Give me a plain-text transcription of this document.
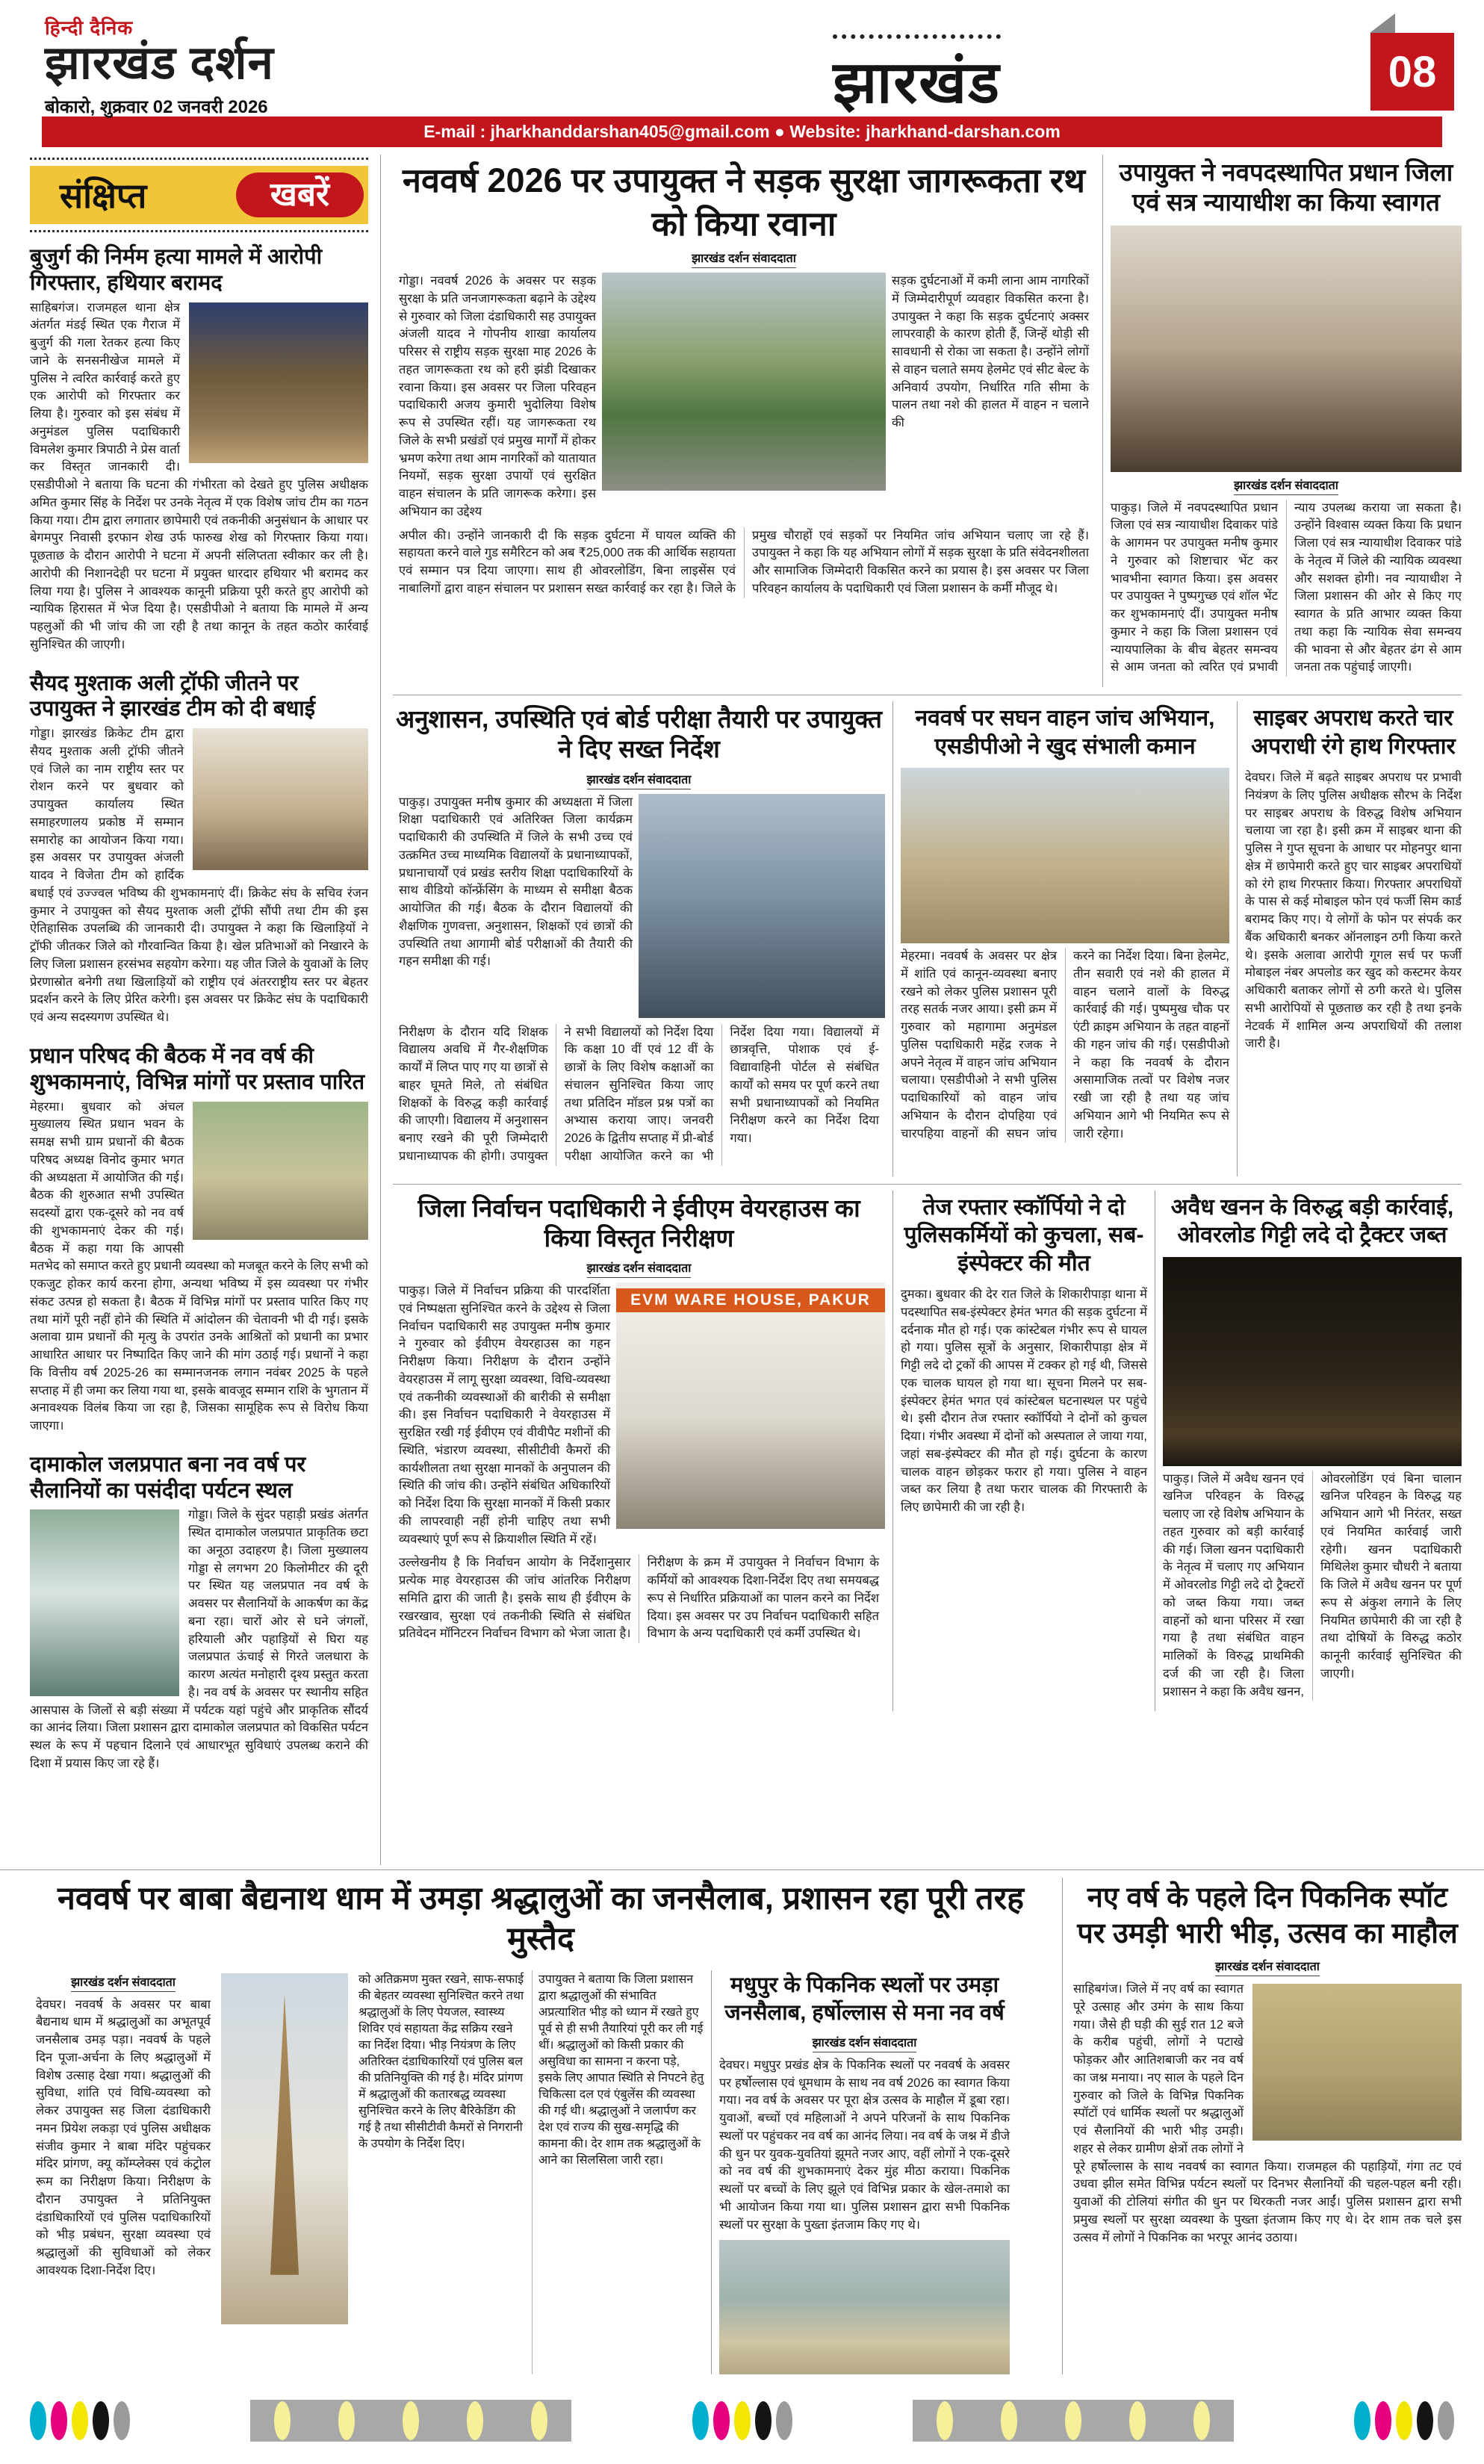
हिन्दी दैनिक
झारखंड दर्शन
बोकारो, शुक्रवार 02 जनवरी 2026	झारखंड	08
E-mail : jharkhanddarshan405@gmail.com ● Website: jharkhand-darshan.com
संक्षिप्त	खबरें
बुजुर्ग की निर्मम हत्या मामले में आरोपी गिरफ्तार, हथियार बरामद
साहिबगंज। राजमहल थाना क्षेत्र अंतर्गत मंडई स्थित एक गैराज में बुजुर्ग की गला रेतकर हत्या किए जाने के सनसनीखेज मामले में पुलिस ने त्वरित कार्रवाई करते हुए एक आरोपी को गिरफ्तार कर लिया है। गुरुवार को इस संबंध में अनुमंडल पुलिस पदाधिकारी विमलेश कुमार त्रिपाठी ने प्रेस वार्ता कर विस्तृत जानकारी दी। एसडीपीओ ने बताया कि घटना की गंभीरता को देखते हुए पुलिस अधीक्षक अमित कुमार सिंह के निर्देश पर उनके नेतृत्व में एक विशेष जांच टीम का गठन किया गया। टीम द्वारा लगातार छापेमारी एवं तकनीकी अनुसंधान के आधार पर बेगमपुर निवासी इरफान शेख उर्फ फारुख शेख को गिरफ्तार किया गया। पूछताछ के दौरान आरोपी ने घटना में अपनी संलिप्तता स्वीकार कर ली है। आरोपी की निशानदेही पर घटना में प्रयुक्त धारदार हथियार भी बरामद कर लिया गया है। पुलिस ने आवश्यक कानूनी प्रक्रिया पूरी करते हुए आरोपी को न्यायिक हिरासत में भेज दिया है। एसडीपीओ ने बताया कि मामले में अन्य पहलुओं की भी जांच की जा रही है तथा कानून के तहत कठोर कार्रवाई सुनिश्चित की जाएगी।
सैयद मुश्ताक अली ट्रॉफी जीतने पर उपायुक्त ने झारखंड टीम को दी बधाई
गोड्डा। झारखंड क्रिकेट टीम द्वारा सैयद मुश्ताक अली ट्रॉफी जीतने एवं जिले का नाम राष्ट्रीय स्तर पर रोशन करने पर बुधवार को उपायुक्त कार्यालय स्थित समाहरणालय प्रकोष्ठ में सम्मान समारोह का आयोजन किया गया। इस अवसर पर उपायुक्त अंजली यादव ने विजेता टीम को हार्दिक बधाई एवं उज्ज्वल भविष्य की शुभकामनाएं दीं। क्रिकेट संघ के सचिव रंजन कुमार ने उपायुक्त को सैयद मुश्ताक अली ट्रॉफी सौंपी तथा टीम की इस ऐतिहासिक उपलब्धि की जानकारी दी। उपायुक्त ने कहा कि खिलाड़ियों ने ट्रॉफी जीतकर जिले को गौरवान्वित किया है। खेल प्रतिभाओं को निखारने के लिए जिला प्रशासन हरसंभव सहयोग करेगा। यह जीत जिले के युवाओं के लिए प्रेरणास्रोत बनेगी तथा खिलाड़ियों को राष्ट्रीय एवं अंतरराष्ट्रीय स्तर पर बेहतर प्रदर्शन करने के लिए प्रेरित करेगी। इस अवसर पर क्रिकेट संघ के पदाधिकारी एवं अन्य सदस्यगण उपस्थित थे।
प्रधान परिषद की बैठक में नव वर्ष की शुभकामनाएं, विभिन्न मांगों पर प्रस्ताव पारित
मेहरमा। बुधवार को अंचल मुख्यालय स्थित प्रधान भवन के समक्ष सभी ग्राम प्रधानों की बैठक परिषद अध्यक्ष विनोद कुमार भगत की अध्यक्षता में आयोजित की गई। बैठक की शुरुआत सभी उपस्थित सदस्यों द्वारा एक-दूसरे को नव वर्ष की शुभकामनाएं देकर की गई। बैठक में कहा गया कि आपसी मतभेद को समाप्त करते हुए प्रधानी व्यवस्था को मजबूत करने के लिए सभी को एकजुट होकर कार्य करना होगा, अन्यथा भविष्य में इस व्यवस्था पर गंभीर संकट उत्पन्न हो सकता है। बैठक में विभिन्न मांगों पर प्रस्ताव पारित किए गए तथा मांगें पूरी नहीं होने की स्थिति में आंदोलन की चेतावनी भी दी गई। इसके अलावा ग्राम प्रधानों की मृत्यु के उपरांत उनके आश्रितों को प्रधानी का प्रभार आधारित आधार पर निष्पादित किए जाने की मांग उठाई गई। प्रधानों ने कहा कि वित्तीय वर्ष 2025-26 का सम्मानजनक लगान नवंबर 2025 के पहले सप्ताह में ही जमा कर लिया गया था, इसके बावजूद सम्मान राशि के भुगतान में अनावश्यक विलंब किया जा रहा है, जिसका सामूहिक रूप से विरोध किया जाएगा।
दामाकोल जलप्रपात बना नव वर्ष पर सैलानियों का पसंदीदा पर्यटन स्थल
गोड्डा। जिले के सुंदर पहाड़ी प्रखंड अंतर्गत स्थित दामाकोल जलप्रपात प्राकृतिक छटा का अनूठा उदाहरण है। जिला मुख्यालय गोड्डा से लगभग 20 किलोमीटर की दूरी पर स्थित यह जलप्रपात नव वर्ष के अवसर पर सैलानियों के आकर्षण का केंद्र बना रहा। चारों ओर से घने जंगलों, हरियाली और पहाड़ियों से घिरा यह जलप्रपात ऊंचाई से गिरते जलधारा के कारण अत्यंत मनोहारी दृश्य प्रस्तुत करता है। नव वर्ष के अवसर पर स्थानीय सहित आसपास के जिलों से बड़ी संख्या में पर्यटक यहां पहुंचे और प्राकृतिक सौंदर्य का आनंद लिया। जिला प्रशासन द्वारा दामाकोल जलप्रपात को विकसित पर्यटन स्थल के रूप में पहचान दिलाने एवं आधारभूत सुविधाएं उपलब्ध कराने की दिशा में प्रयास किए जा रहे हैं।
नववर्ष 2026 पर उपायुक्त ने सड़क सुरक्षा जागरूकता रथ को किया रवाना
झारखंड दर्शन संवाददाता
गोड्डा। नववर्ष 2026 के अवसर पर सड़क सुरक्षा के प्रति जनजागरूकता बढ़ाने के उद्देश्य से गुरुवार को जिला दंडाधिकारी सह उपायुक्त अंजली यादव ने गोपनीय शाखा कार्यालय परिसर से राष्ट्रीय सड़क सुरक्षा माह 2026 के तहत जागरूकता रथ को हरी झंडी दिखाकर रवाना किया। इस अवसर पर जिला परिवहन पदाधिकारी अजय कुमारी भुदोलिया विशेष रूप से उपस्थित रहीं। यह जागरूकता रथ जिले के सभी प्रखंडों एवं प्रमुख मार्गों में होकर भ्रमण करेगा तथा आम नागरिकों को यातायात नियमों, सड़क सुरक्षा उपायों एवं सुरक्षित वाहन संचालन के प्रति जागरूक करेगा। इस अभियान का उद्देश्य
सड़क दुर्घटनाओं में कमी लाना आम नागरिकों में जिम्मेदारीपूर्ण व्यवहार विकसित करना है। उपायुक्त ने कहा कि सड़क दुर्घटनाएं अक्सर लापरवाही के कारण होती हैं, जिन्हें थोड़ी सी सावधानी से रोका जा सकता है। उन्होंने लोगों से वाहन चलाते समय हेलमेट एवं सीट बेल्ट के अनिवार्य उपयोग, निर्धारित गति सीमा के पालन तथा नशे की हालत में वाहन न चलाने की
अपील की। उन्होंने जानकारी दी कि सड़क दुर्घटना में घायल व्यक्ति की सहायता करने वाले गुड समैरिटन को अब ₹25,000 तक की आर्थिक सहायता एवं सम्मान पत्र दिया जाएगा। साथ ही ओवरलोडिंग, बिना लाइसेंस एवं नाबालिगों द्वारा वाहन संचालन पर प्रशासन सख्त कार्रवाई कर रहा है। जिले के प्रमुख चौराहों एवं सड़कों पर नियमित जांच अभियान चलाए जा रहे हैं। उपायुक्त ने कहा कि यह अभियान लोगों में सड़क सुरक्षा के प्रति संवेदनशीलता और सामाजिक जिम्मेदारी विकसित करने का प्रयास है। इस अवसर पर जिला परिवहन कार्यालय के पदाधिकारी एवं जिला प्रशासन के कर्मी मौजूद थे।
उपायुक्त ने नवपदस्थापित प्रधान जिला एवं सत्र न्यायाधीश का किया स्वागत
झारखंड दर्शन संवाददाता
पाकुड़। जिले में नवपदस्थापित प्रधान जिला एवं सत्र न्यायाधीश दिवाकर पांडे के आगमन पर उपायुक्त मनीष कुमार ने गुरुवार को शिष्टाचार भेंट कर भावभीना स्वागत किया। इस अवसर पर उपायुक्त ने पुष्पगुच्छ एवं शॉल भेंट कर शुभकामनाएं दीं। उपायुक्त मनीष कुमार ने कहा कि जिला प्रशासन एवं न्यायपालिका के बीच बेहतर समन्वय से आम जनता को त्वरित एवं प्रभावी न्याय उपलब्ध कराया जा सकता है। उन्होंने विश्वास व्यक्त किया कि प्रधान जिला एवं सत्र न्यायाधीश दिवाकर पांडे के नेतृत्व में जिले की न्यायिक व्यवस्था और सशक्त होगी। नव न्यायाधीश ने जिला प्रशासन की ओर से किए गए स्वागत के प्रति आभार व्यक्त किया तथा कहा कि न्यायिक सेवा समन्वय की भावना से और बेहतर ढंग से आम जनता तक पहुंचाई जाएगी।
अनुशासन, उपस्थिति एवं बोर्ड परीक्षा तैयारी पर उपायुक्त ने दिए सख्त निर्देश
झारखंड दर्शन संवाददाता
पाकुड़। उपायुक्त मनीष कुमार की अध्यक्षता में जिला शिक्षा पदाधिकारी एवं अतिरिक्त जिला कार्यक्रम पदाधिकारी की उपस्थिति में जिले के सभी उच्च एवं उत्क्रमित उच्च माध्यमिक विद्यालयों के प्रधानाध्यापकों, प्रधानाचार्यों एवं प्रखंड स्तरीय शिक्षा पदाधिकारियों के साथ वीडियो कॉन्फ्रेंसिंग के माध्यम से समीक्षा बैठक आयोजित की गई। बैठक के दौरान विद्यालयों की शैक्षणिक गुणवत्ता, अनुशासन, शिक्षकों एवं छात्रों की उपस्थिति तथा आगामी बोर्ड परीक्षाओं की तैयारी की गहन समीक्षा की गई।
निरीक्षण के दौरान यदि शिक्षक विद्यालय अवधि में गैर-शैक्षणिक कार्यों में लिप्त पाए गए या छात्रों से बाहर घूमते मिले, तो संबंधित शिक्षकों के विरुद्ध कड़ी कार्रवाई की जाएगी। विद्यालय में अनुशासन बनाए रखने की पूरी जिम्मेदारी प्रधानाध्यापक की होगी। उपायुक्त ने सभी विद्यालयों को निर्देश दिया कि कक्षा 10 वीं एवं 12 वीं के छात्रों के लिए विशेष कक्षाओं का संचालन सुनिश्चित किया जाए तथा प्रतिदिन मॉडल प्रश्न पत्रों का अभ्यास कराया जाए। जनवरी 2026 के द्वितीय सप्ताह में प्री-बोर्ड परीक्षा आयोजित करने का भी निर्देश दिया गया। विद्यालयों में छात्रवृत्ति, पोशाक एवं ई-विद्यावाहिनी पोर्टल से संबंधित कार्यों को समय पर पूर्ण करने तथा सभी प्रधानाध्यापकों को नियमित निरीक्षण करने का निर्देश दिया गया।
नववर्ष पर सघन वाहन जांच अभियान, एसडीपीओ ने खुद संभाली कमान
मेहरमा। नववर्ष के अवसर पर क्षेत्र में शांति एवं कानून-व्यवस्था बनाए रखने को लेकर पुलिस प्रशासन पूरी तरह सतर्क नजर आया। इसी क्रम में गुरुवार को महागामा अनुमंडल पुलिस पदाधिकारी महेंद्र रजक ने अपने नेतृत्व में वाहन जांच अभियान चलाया। एसडीपीओ ने सभी पुलिस पदाधिकारियों को वाहन जांच अभियान के दौरान दोपहिया एवं चारपहिया वाहनों की सघन जांच करने का निर्देश दिया। बिना हेलमेट, तीन सवारी एवं नशे की हालत में वाहन चलाने वालों के विरुद्ध कार्रवाई की गई। पुष्पमुख चौक पर एंटी क्राइम अभियान के तहत वाहनों की गहन जांच की गई। एसडीपीओ ने कहा कि नववर्ष के दौरान असामाजिक तत्वों पर विशेष नजर रखी जा रही है तथा यह जांच अभियान आगे भी नियमित रूप से जारी रहेगा।
साइबर अपराध करते चार अपराधी रंगे हाथ गिरफ्तार
देवघर। जिले में बढ़ते साइबर अपराध पर प्रभावी नियंत्रण के लिए पुलिस अधीक्षक सौरभ के निर्देश पर साइबर अपराध के विरुद्ध विशेष अभियान चलाया जा रहा है। इसी क्रम में साइबर थाना की पुलिस ने गुप्त सूचना के आधार पर मोहनपुर थाना क्षेत्र में छापेमारी करते हुए चार साइबर अपराधियों को रंगे हाथ गिरफ्तार किया। गिरफ्तार अपराधियों के पास से कई मोबाइल फोन एवं फर्जी सिम कार्ड बरामद किए गए। ये लोगों के फोन पर संपर्क कर बैंक अधिकारी बनकर ऑनलाइन ठगी किया करते थे। इसके अलावा आरोपी गूगल सर्च पर फर्जी मोबाइल नंबर अपलोड कर खुद को कस्टमर केयर अधिकारी बताकर लोगों से ठगी करते थे। पुलिस सभी आरोपियों से पूछताछ कर रही है तथा इनके नेटवर्क में शामिल अन्य अपराधियों की तलाश जारी है।
जिला निर्वाचन पदाधिकारी ने ईवीएम वेयरहाउस का किया विस्तृत निरीक्षण
झारखंड दर्शन संवाददाता
पाकुड़। जिले में निर्वाचन प्रक्रिया की पारदर्शिता एवं निष्पक्षता सुनिश्चित करने के उद्देश्य से जिला निर्वाचन पदाधिकारी सह उपायुक्त मनीष कुमार ने गुरुवार को ईवीएम वेयरहाउस का गहन निरीक्षण किया। निरीक्षण के दौरान उन्होंने वेयरहाउस में लागू सुरक्षा व्यवस्था, विधि-व्यवस्था एवं तकनीकी व्यवस्थाओं की बारीकी से समीक्षा की। इस निर्वाचन पदाधिकारी ने वेयरहाउस में सुरक्षित रखी गई ईवीएम एवं वीवीपैट मशीनों की स्थिति, भंडारण व्यवस्था, सीसीटीवी कैमरों की कार्यशीलता तथा सुरक्षा मानकों के अनुपालन की स्थिति की जांच की। उन्होंने संबंधित अधिकारियों को निर्देश दिया कि सुरक्षा मानकों में किसी प्रकार की लापरवाही नहीं होनी चाहिए तथा सभी व्यवस्थाएं पूर्ण रूप से क्रियाशील स्थिति में रहें।
EVM WARE HOUSE, PAKUR
उल्लेखनीय है कि निर्वाचन आयोग के निर्देशानुसार प्रत्येक माह वेयरहाउस की जांच आंतरिक निरीक्षण समिति द्वारा की जाती है। इसके साथ ही ईवीएम के रखरखाव, सुरक्षा एवं तकनीकी स्थिति से संबंधित प्रतिवेदन मॉनिटरन निर्वाचन विभाग को भेजा जाता है। निरीक्षण के क्रम में उपायुक्त ने निर्वाचन विभाग के कर्मियों को आवश्यक दिशा-निर्देश दिए तथा समयबद्ध रूप से निर्धारित प्रक्रियाओं का पालन करने का निर्देश दिया। इस अवसर पर उप निर्वाचन पदाधिकारी सहित विभाग के अन्य पदाधिकारी एवं कर्मी उपस्थित थे।
तेज रफ्तार स्कॉर्पियो ने दो पुलिसकर्मियों को कुचला, सब-इंस्पेक्टर की मौत
दुमका। बुधवार की देर रात जिले के शिकारीपाड़ा थाना में पदस्थापित सब-इंस्पेक्टर हेमंत भगत की सड़क दुर्घटना में दर्दनाक मौत हो गई। एक कांस्टेबल गंभीर रूप से घायल हो गया। पुलिस सूत्रों के अनुसार, शिकारीपाड़ा क्षेत्र में गिट्टी लदे दो ट्रकों की आपस में टक्कर हो गई थी, जिससे एक चालक घायल हो गया था। सूचना मिलने पर सब-इंस्पेक्टर हेमंत भगत एवं कांस्टेबल घटनास्थल पर पहुंचे थे। इसी दौरान तेज रफ्तार स्कॉर्पियो ने दोनों को कुचल दिया। गंभीर अवस्था में दोनों को अस्पताल ले जाया गया, जहां सब-इंस्पेक्टर की मौत हो गई। दुर्घटना के कारण चालक वाहन छोड़कर फरार हो गया। पुलिस ने वाहन जब्त कर लिया है तथा फरार चालक की गिरफ्तारी के लिए छापेमारी की जा रही है।
अवैध खनन के विरुद्ध बड़ी कार्रवाई, ओवरलोड गिट्टी लदे दो ट्रैक्टर जब्त
पाकुड़। जिले में अवैध खनन एवं खनिज परिवहन के विरुद्ध चलाए जा रहे विशेष अभियान के तहत गुरुवार को बड़ी कार्रवाई की गई। जिला खनन पदाधिकारी के नेतृत्व में चलाए गए अभियान में ओवरलोड गिट्टी लदे दो ट्रैक्टरों को जब्त किया गया। जब्त वाहनों को थाना परिसर में रखा गया है तथा संबंधित वाहन मालिकों के विरुद्ध प्राथमिकी दर्ज की जा रही है। जिला प्रशासन ने कहा कि अवैध खनन, ओवरलोडिंग एवं बिना चालान खनिज परिवहन के विरुद्ध यह अभियान आगे भी निरंतर, सख्त एवं नियमित कार्रवाई जारी रहेगी। खनन पदाधिकारी मिथिलेश कुमार चौधरी ने बताया कि जिले में अवैध खनन पर पूर्ण रूप से अंकुश लगाने के लिए नियमित छापेमारी की जा रही है तथा दोषियों के विरुद्ध कठोर कानूनी कार्रवाई सुनिश्चित की जाएगी।
नववर्ष पर बाबा बैद्यनाथ धाम में उमड़ा श्रद्धालुओं का जनसैलाब, प्रशासन रहा पूरी तरह मुस्तैद
झारखंड दर्शन संवाददाता
देवघर। नववर्ष के अवसर पर बाबा बैद्यनाथ धाम में श्रद्धालुओं का अभूतपूर्व जनसैलाब उमड़ पड़ा। नववर्ष के पहले दिन पूजा-अर्चना के लिए श्रद्धालुओं में विशेष उत्साह देखा गया। श्रद्धालुओं की सुविधा, शांति एवं विधि-व्यवस्था को लेकर उपायुक्त सह जिला दंडाधिकारी नमन प्रियेश लकड़ा एवं पुलिस अधीक्षक संजीव कुमार ने बाबा मंदिर पहुंचकर मंदिर प्रांगण, क्यू कॉम्प्लेक्स एवं कंट्रोल रूम का निरीक्षण किया। निरीक्षण के दौरान उपायुक्त ने प्रतिनियुक्त दंडाधिकारियों एवं पुलिस पदाधिकारियों को भीड़ प्रबंधन, सुरक्षा व्यवस्था एवं श्रद्धालुओं की सुविधाओं को लेकर आवश्यक दिशा-निर्देश दिए।
को अतिक्रमण मुक्त रखने, साफ-सफाई की बेहतर व्यवस्था सुनिश्चित करने तथा श्रद्धालुओं के लिए पेयजल, स्वास्थ्य शिविर एवं सहायता केंद्र सक्रिय रखने का निर्देश दिया। भीड़ नियंत्रण के लिए अतिरिक्त दंडाधिकारियों एवं पुलिस बल की प्रतिनियुक्ति की गई है। मंदिर प्रांगण में श्रद्धालुओं की कतारबद्ध व्यवस्था सुनिश्चित करने के लिए बैरिकेडिंग की गई है तथा सीसीटीवी कैमरों से निगरानी के उपयोग के निर्देश दिए।
उपायुक्त ने बताया कि जिला प्रशासन द्वारा श्रद्धालुओं की संभावित अप्रत्याशित भीड़ को ध्यान में रखते हुए पूर्व से ही सभी तैयारियां पूरी कर ली गई थीं। श्रद्धालुओं को किसी प्रकार की असुविधा का सामना न करना पड़े, इसके लिए आपात स्थिति से निपटने हेतु चिकित्सा दल एवं एंबुलेंस की व्यवस्था की गई थी। श्रद्धालुओं ने जलार्पण कर देश एवं राज्य की सुख-समृद्धि की कामना की। देर शाम तक श्रद्धालुओं के आने का सिलसिला जारी रहा।
मधुपुर के पिकनिक स्थलों पर उमड़ा जनसैलाब, हर्षोल्लास से मना नव वर्ष
झारखंड दर्शन संवाददाता
देवघर। मधुपुर प्रखंड क्षेत्र के पिकनिक स्थलों पर नववर्ष के अवसर पर हर्षोल्लास एवं धूमधाम के साथ नव वर्ष 2026 का स्वागत किया गया। नव वर्ष के अवसर पर पूरा क्षेत्र उत्सव के माहौल में डूबा रहा। युवाओं, बच्चों एवं महिलाओं ने अपने परिजनों के साथ पिकनिक स्थलों पर पहुंचकर नव वर्ष का आनंद लिया। नव वर्ष के जश्न में डीजे की धुन पर युवक-युवतियां झूमते नजर आए, वहीं लोगों ने एक-दूसरे को नव वर्ष की शुभकामनाएं देकर मुंह मीठा कराया। पिकनिक स्थलों पर बच्चों के लिए झूले एवं विभिन्न प्रकार के खेल-तमाशे का भी आयोजन किया गया था। पुलिस प्रशासन द्वारा सभी पिकनिक स्थलों पर सुरक्षा के पुख्ता इंतजाम किए गए थे।
नए वर्ष के पहले दिन पिकनिक स्पॉट पर उमड़ी भारी भीड़, उत्सव का माहौल
झारखंड दर्शन संवाददाता
साहिबगंज। जिले में नए वर्ष का स्वागत पूरे उत्साह और उमंग के साथ किया गया। जैसे ही घड़ी की सुई रात 12 बजे के करीब पहुंची, लोगों ने पटाखे फोड़कर और आतिशबाजी कर नव वर्ष का जश्न मनाया। नए साल के पहले दिन गुरुवार को जिले के विभिन्न पिकनिक स्पॉटों एवं धार्मिक स्थलों पर श्रद्धालुओं एवं सैलानियों की भारी भीड़ उमड़ी। शहर से लेकर ग्रामीण क्षेत्रों तक लोगों ने पूरे हर्षोल्लास के साथ नववर्ष का स्वागत किया। राजमहल की पहाड़ियों, गंगा तट एवं उधवा झील समेत विभिन्न पर्यटन स्थलों पर दिनभर सैलानियों की चहल-पहल बनी रही। युवाओं की टोलियां संगीत की धुन पर थिरकती नजर आईं। पुलिस प्रशासन द्वारा सभी प्रमुख स्थलों पर सुरक्षा व्यवस्था के पुख्ता इंतजाम किए गए थे। देर शाम तक चले इस उत्सव में लोगों ने पिकनिक का भरपूर आनंद उठाया।
